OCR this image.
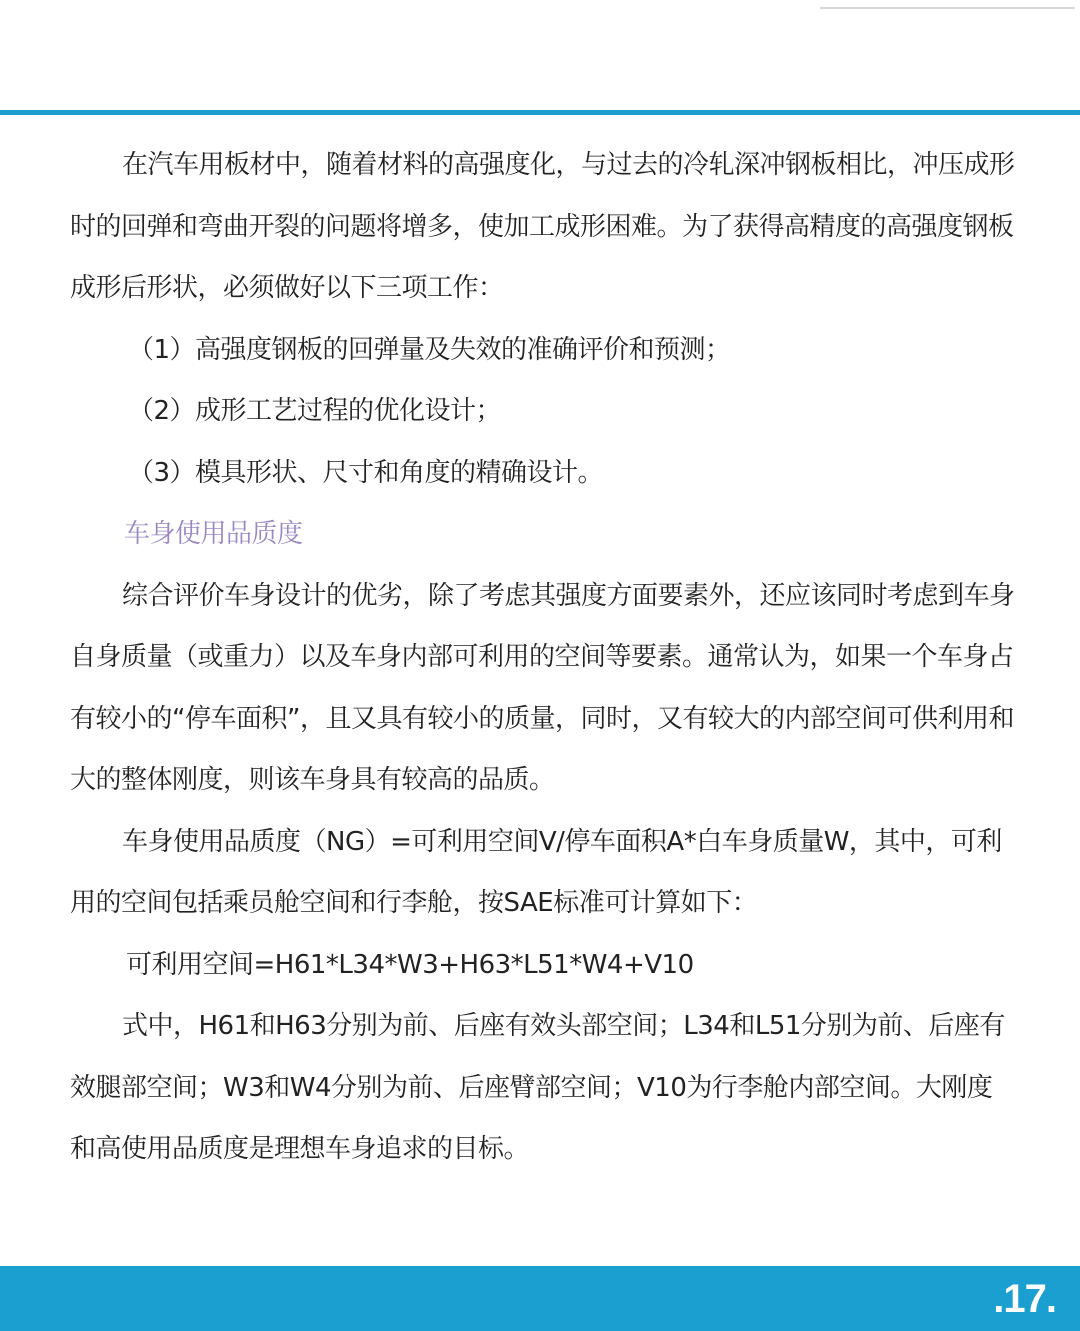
在汽车用板材中，随着材料的高强度化，与过去的冷轧深冲钢板相比，冲压成形时的回弹和弯曲开裂的问题将增多，使加工成形困难。为了获得高精度的高强度钢板成形后形状，必须做好以下三项工作：

（1）高强度钢板的回弹量及失效的准确评价和预测；

（2）成形工艺过程的优化设计；

（3）模具形状、尺寸和角度的精确设计。

车身使用品质度

综合评价车身设计的优劣，除了考虑其强度方面要素外，还应该同时考虑到车身自身质量（或重力）以及车身内部可利用的空间等要素。通常认为，如果一个车身占有较小的“停车面积”，且又具有较小的质量，同时，又有较大的内部空间可供利用和大的整体刚度，则该车身具有较高的品质。

车身使用品质度（NG）=可利用空间V/停车面积A*白车身质量W，其中，可利用的空间包括乘员舱空间和行李舱，按SAE标准可计算如下：

可利用空间=H61*L34*W3+H63*L51*W4+V10

式中，H61和H63分别为前、后座有效头部空间；L34和L51分别为前、后座有效腿部空间；W3和W4分别为前、后座臂部空间；V10为行李舱内部空间。大刚度和高使用品质度是理想车身追求的目标。

.17.
